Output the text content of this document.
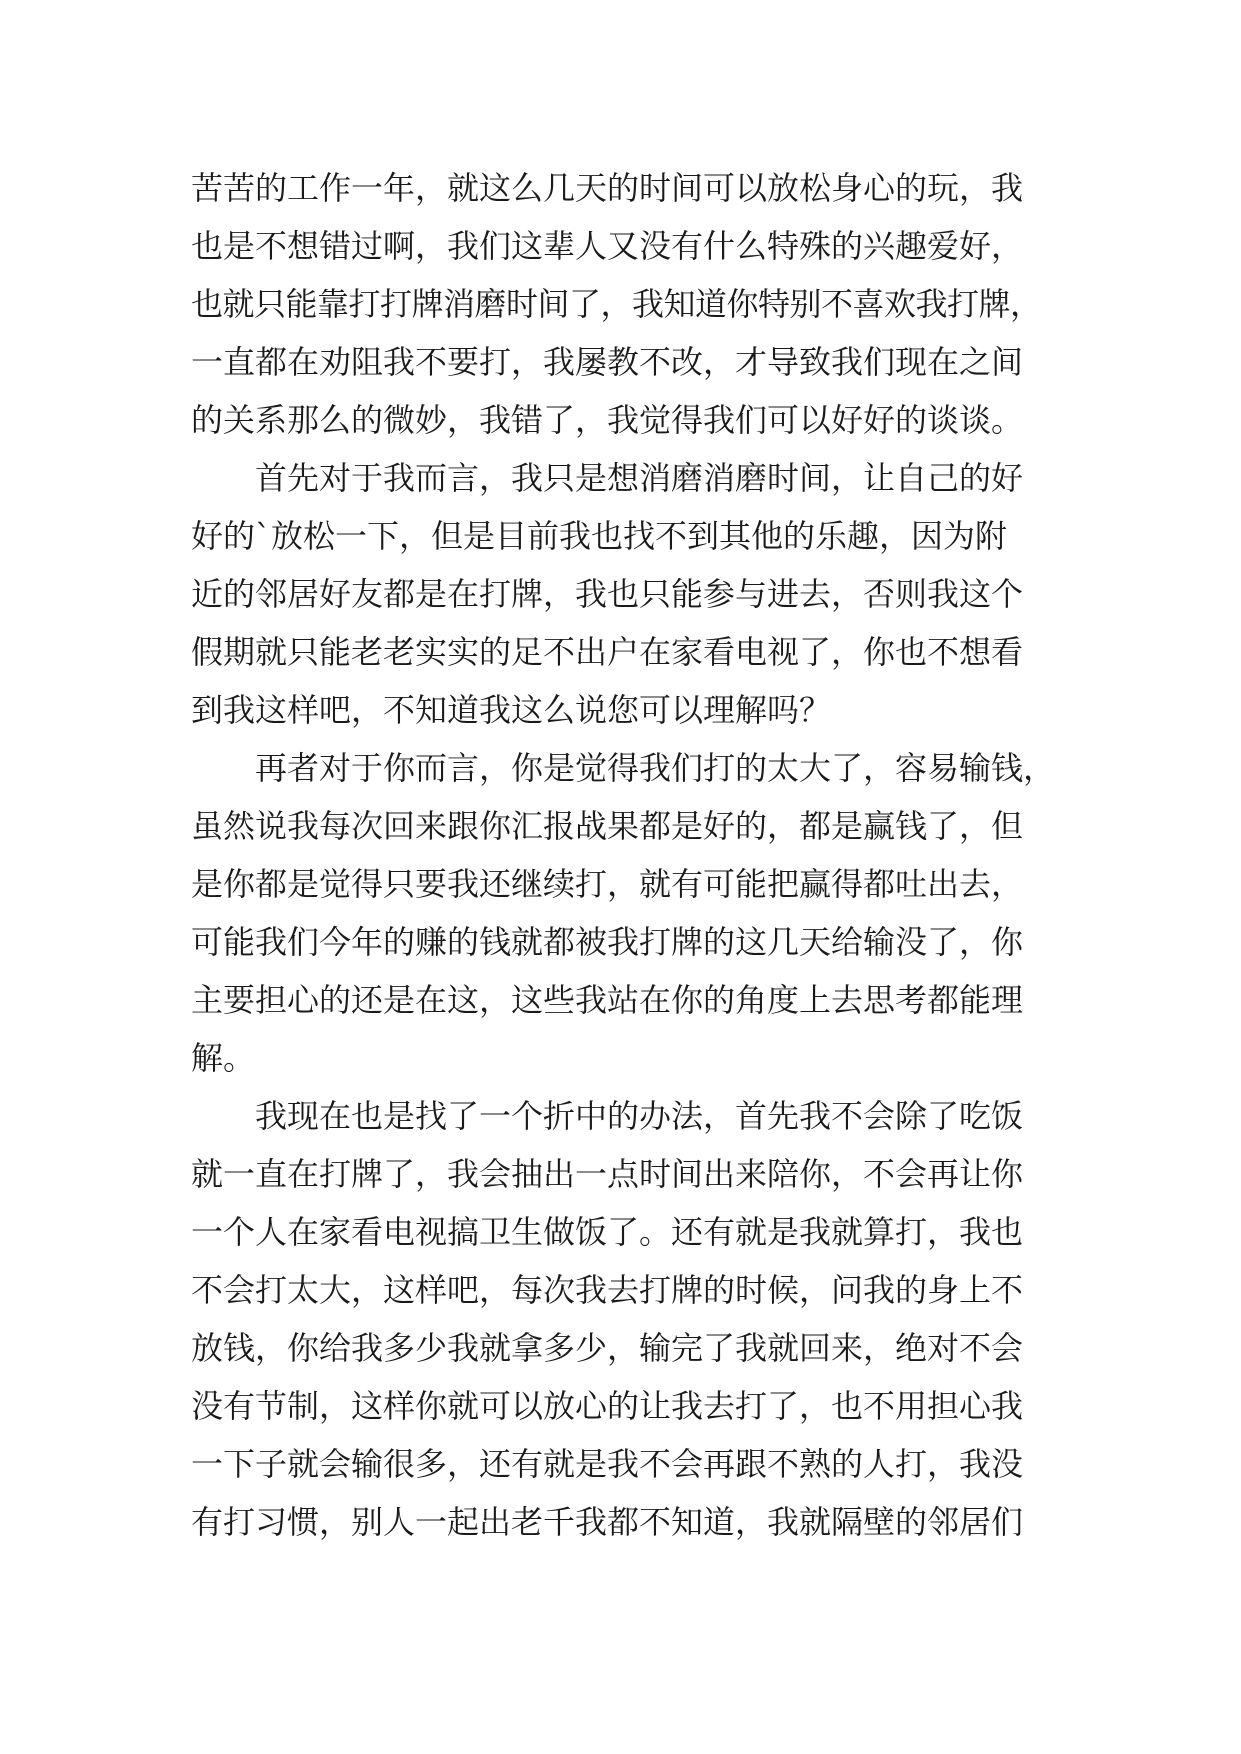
苦苦的工作一年，就这么几天的时间可以放松身心的玩，我
也是不想错过啊，我们这辈人又没有什么特殊的兴趣爱好，
也就只能靠打打牌消磨时间了，我知道你特别不喜欢我打牌，
一直都在劝阻我不要打，我屡教不改，才导致我们现在之间
的关系那么的微妙，我错了，我觉得我们可以好好的谈谈。
首先对于我而言，我只是想消磨消磨时间，让自己的好
好的`放松一下，但是目前我也找不到其他的乐趣，因为附
近的邻居好友都是在打牌，我也只能参与进去，否则我这个
假期就只能老老实实的足不出户在家看电视了，你也不想看
到我这样吧，不知道我这么说您可以理解吗？
再者对于你而言，你是觉得我们打的太大了，容易输钱，
虽然说我每次回来跟你汇报战果都是好的，都是赢钱了，但
是你都是觉得只要我还继续打，就有可能把赢得都吐出去，
可能我们今年的赚的钱就都被我打牌的这几天给输没了，你
主要担心的还是在这，这些我站在你的角度上去思考都能理
解。
我现在也是找了一个折中的办法，首先我不会除了吃饭
就一直在打牌了，我会抽出一点时间出来陪你，不会再让你
一个人在家看电视搞卫生做饭了。还有就是我就算打，我也
不会打太大，这样吧，每次我去打牌的时候，问我的身上不
放钱，你给我多少我就拿多少，输完了我就回来，绝对不会
没有节制，这样你就可以放心的让我去打了，也不用担心我
一下子就会输很多，还有就是我不会再跟不熟的人打，我没
有打习惯，别人一起出老千我都不知道，我就隔壁的邻居们
